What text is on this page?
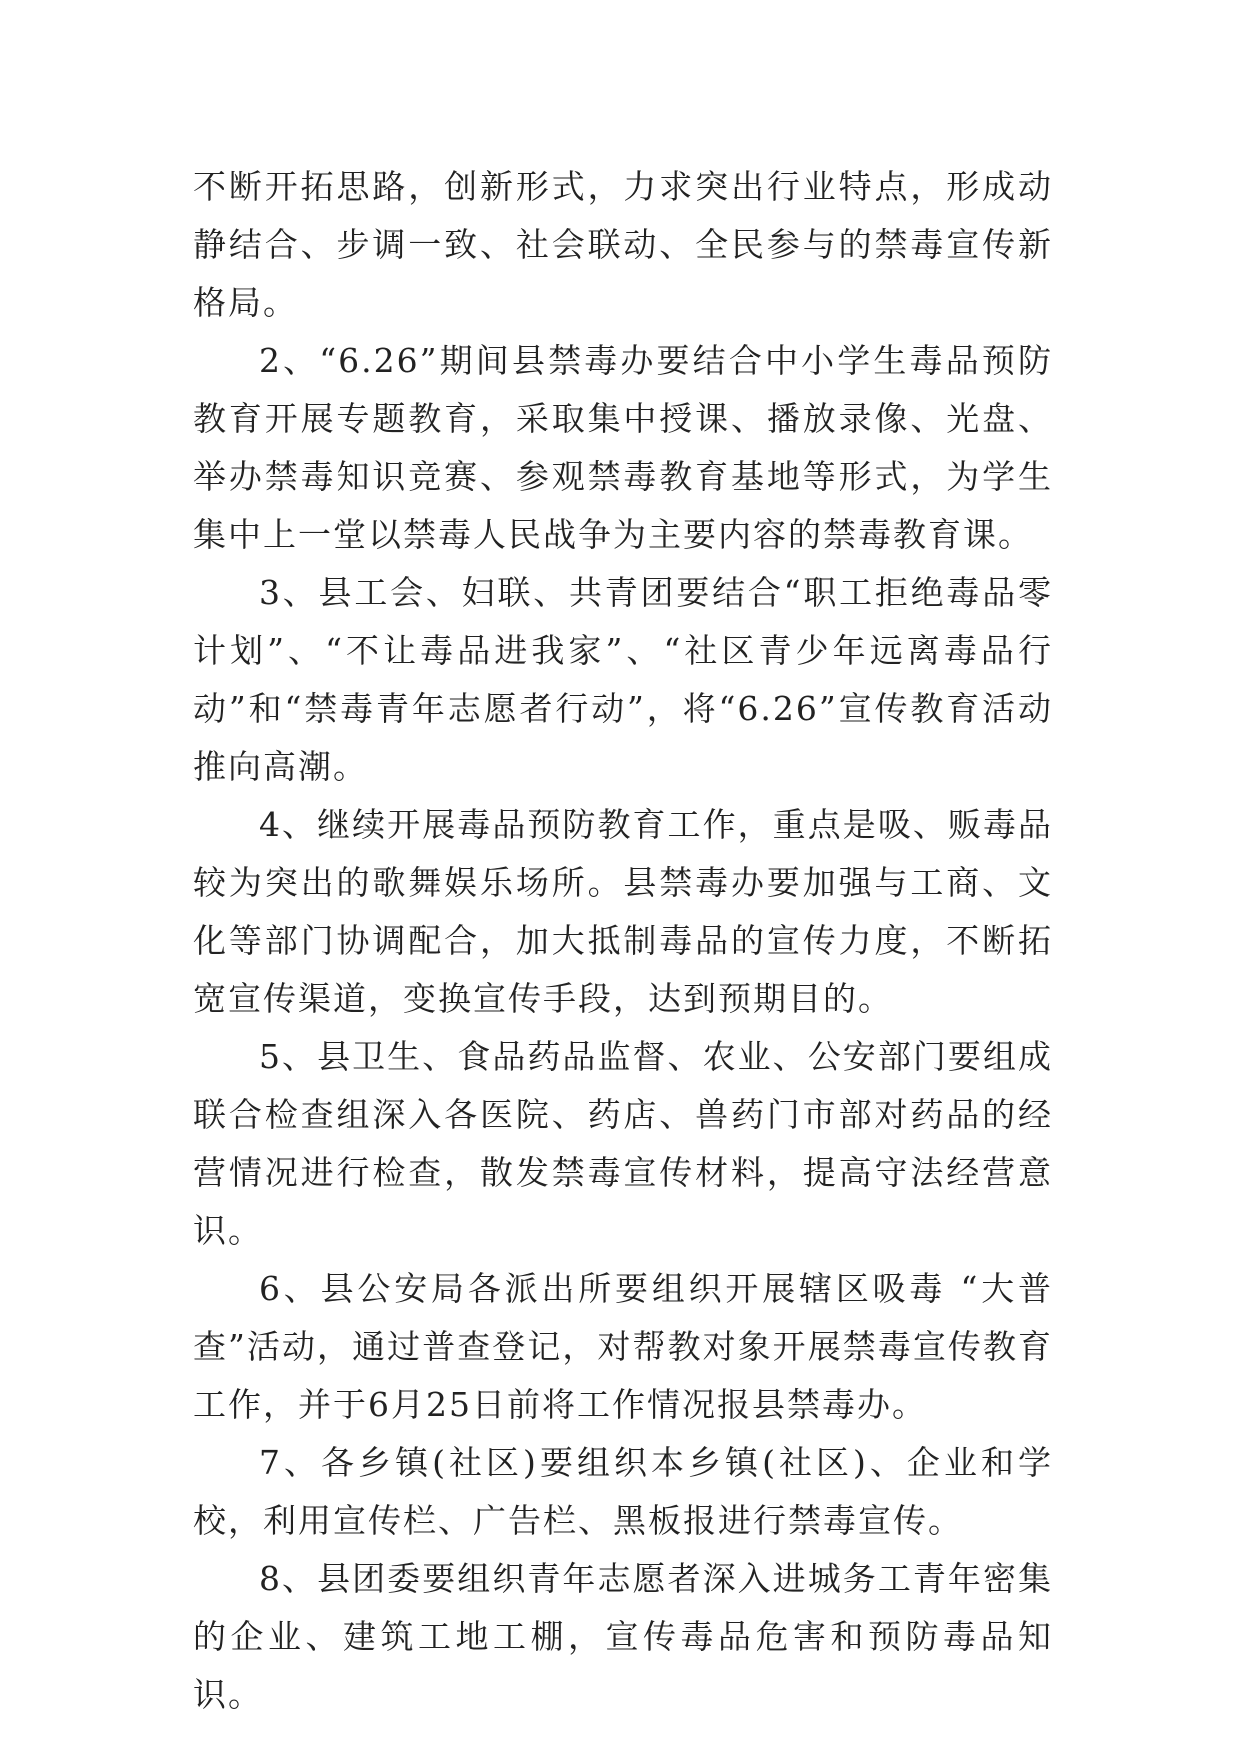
不断开拓思路，创新形式，力求突出行业特点，形成动静结合、步调一致、社会联动、全民参与的禁毒宣传新格局。

2、“6.26”期间县禁毒办要结合中小学生毒品预防教育开展专题教育，采取集中授课、播放录像、光盘、举办禁毒知识竞赛、参观禁毒教育基地等形式，为学生集中上一堂以禁毒人民战争为主要内容的禁毒教育课。

3、县工会、妇联、共青团要结合“职工拒绝毒品零计划”、“不让毒品进我家”、“社区青少年远离毒品行动”和“禁毒青年志愿者行动”，将“6.26”宣传教育活动推向高潮。

4、继续开展毒品预防教育工作，重点是吸、贩毒品较为突出的歌舞娱乐场所。县禁毒办要加强与工商、文化等部门协调配合，加大抵制毒品的宣传力度，不断拓宽宣传渠道，变换宣传手段，达到预期目的。

5、县卫生、食品药品监督、农业、公安部门要组成联合检查组深入各医院、药店、兽药门市部对药品的经营情况进行检查，散发禁毒宣传材料，提高守法经营意识。

6、县公安局各派出所要组织开展辖区吸毒 “大普查”活动，通过普查登记，对帮教对象开展禁毒宣传教育工作，并于6月25日前将工作情况报县禁毒办。

7、各乡镇(社区)要组织本乡镇(社区)、企业和学校，利用宣传栏、广告栏、黑板报进行禁毒宣传。

8、县团委要组织青年志愿者深入进城务工青年密集的企业、建筑工地工棚，宣传毒品危害和预防毒品知识。
